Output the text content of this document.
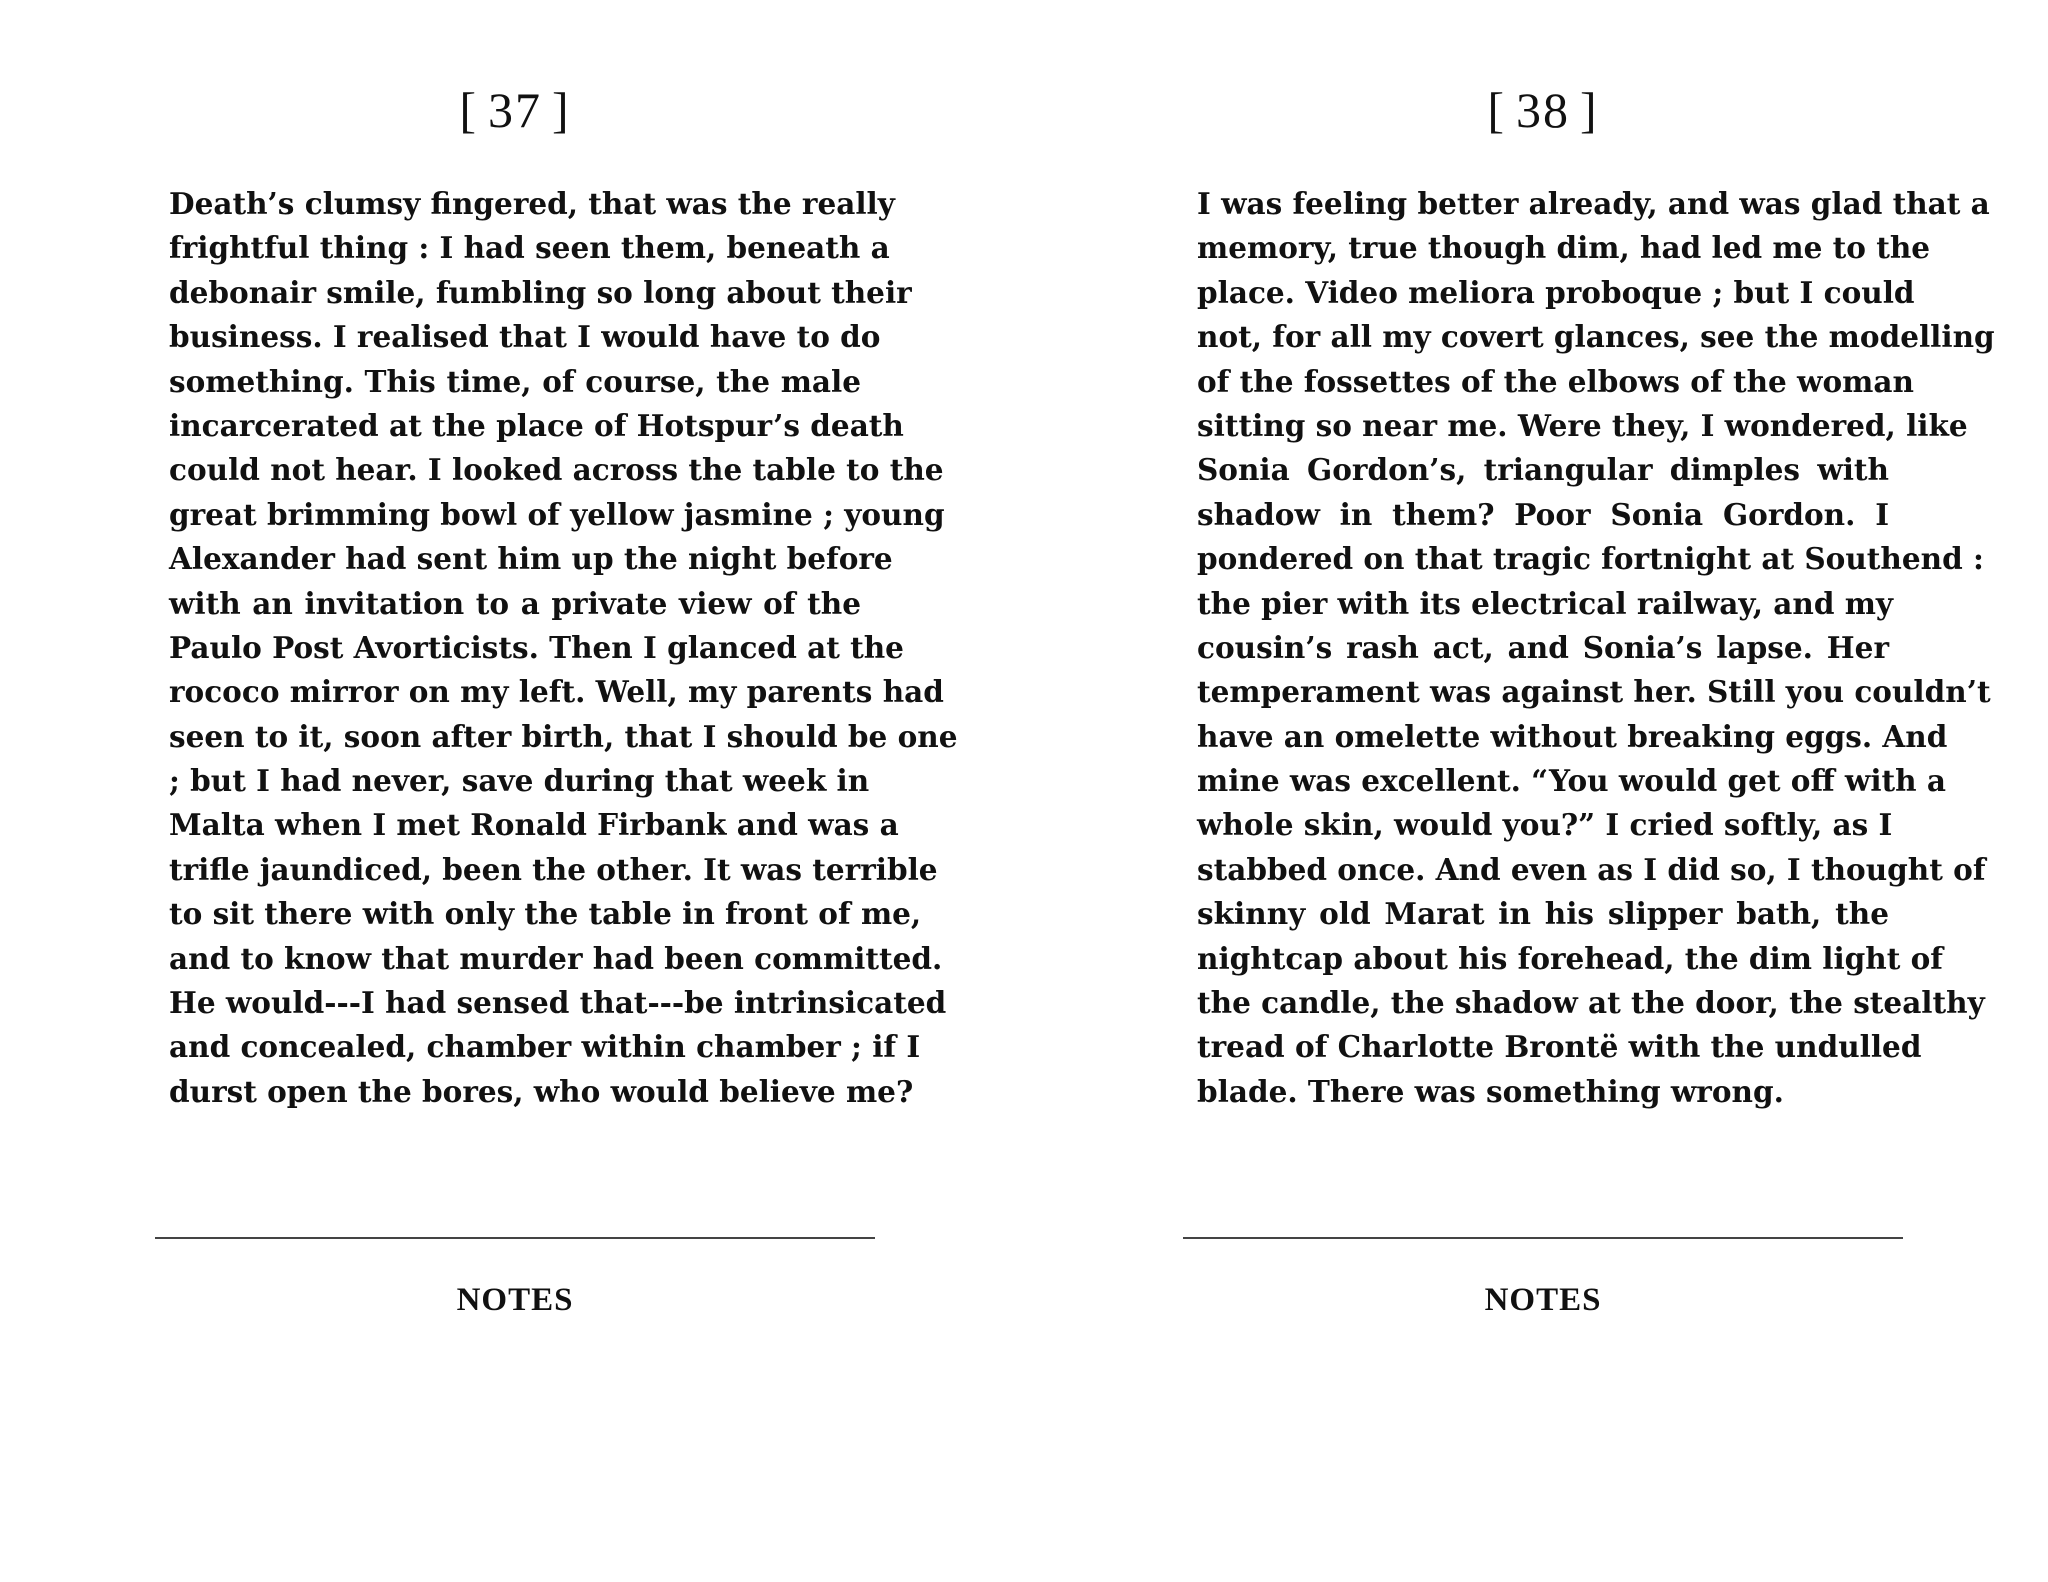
[ 37 ]
Death’s clumsy fingered, that was the really
frightful thing : I had seen them, beneath a
debonair smile, fumbling so long about their
business. I realised that I would have to do
something. This time, of course, the male
incarcerated at the place of Hotspur’s death
could not hear. I looked across the table to the
great brimming bowl of yellow jasmine ; young
Alexander had sent him up the night before
with an invitation to a private view of the
Paulo Post Avorticists. Then I glanced at the
rococo mirror on my left. Well, my parents had
seen to it, soon after birth, that I should be one
; but I had never, save during that week in
Malta when I met Ronald Firbank and was a
trifle jaundiced, been the other. It was terrible
to sit there with only the table in front of me,
and to know that murder had been committed.
He would---I had sensed that---be intrinsicated
and concealed, chamber within chamber ; if I
durst open the bores, who would believe me?
NOTES
[ 38 ]
I was feeling better already, and was glad that a
memory, true though dim, had led me to the
place. Video meliora proboque ; but I could
not, for all my covert glances, see the modelling
of the fossettes of the elbows of the woman
sitting so near me. Were they, I wondered, like
Sonia Gordon’s, triangular dimples with
shadow in them? Poor Sonia Gordon. I
pondered on that tragic fortnight at Southend :
the pier with its electrical railway, and my
cousin’s rash act, and Sonia’s lapse. Her
temperament was against her. Still you couldn’t
have an omelette without breaking eggs. And
mine was excellent. “You would get off with a
whole skin, would you?” I cried softly, as I
stabbed once. And even as I did so, I thought of
skinny old Marat in his slipper bath, the
nightcap about his forehead, the dim light of
the candle, the shadow at the door, the stealthy
tread of Charlotte Brontë with the undulled
blade. There was something wrong.
NOTES
